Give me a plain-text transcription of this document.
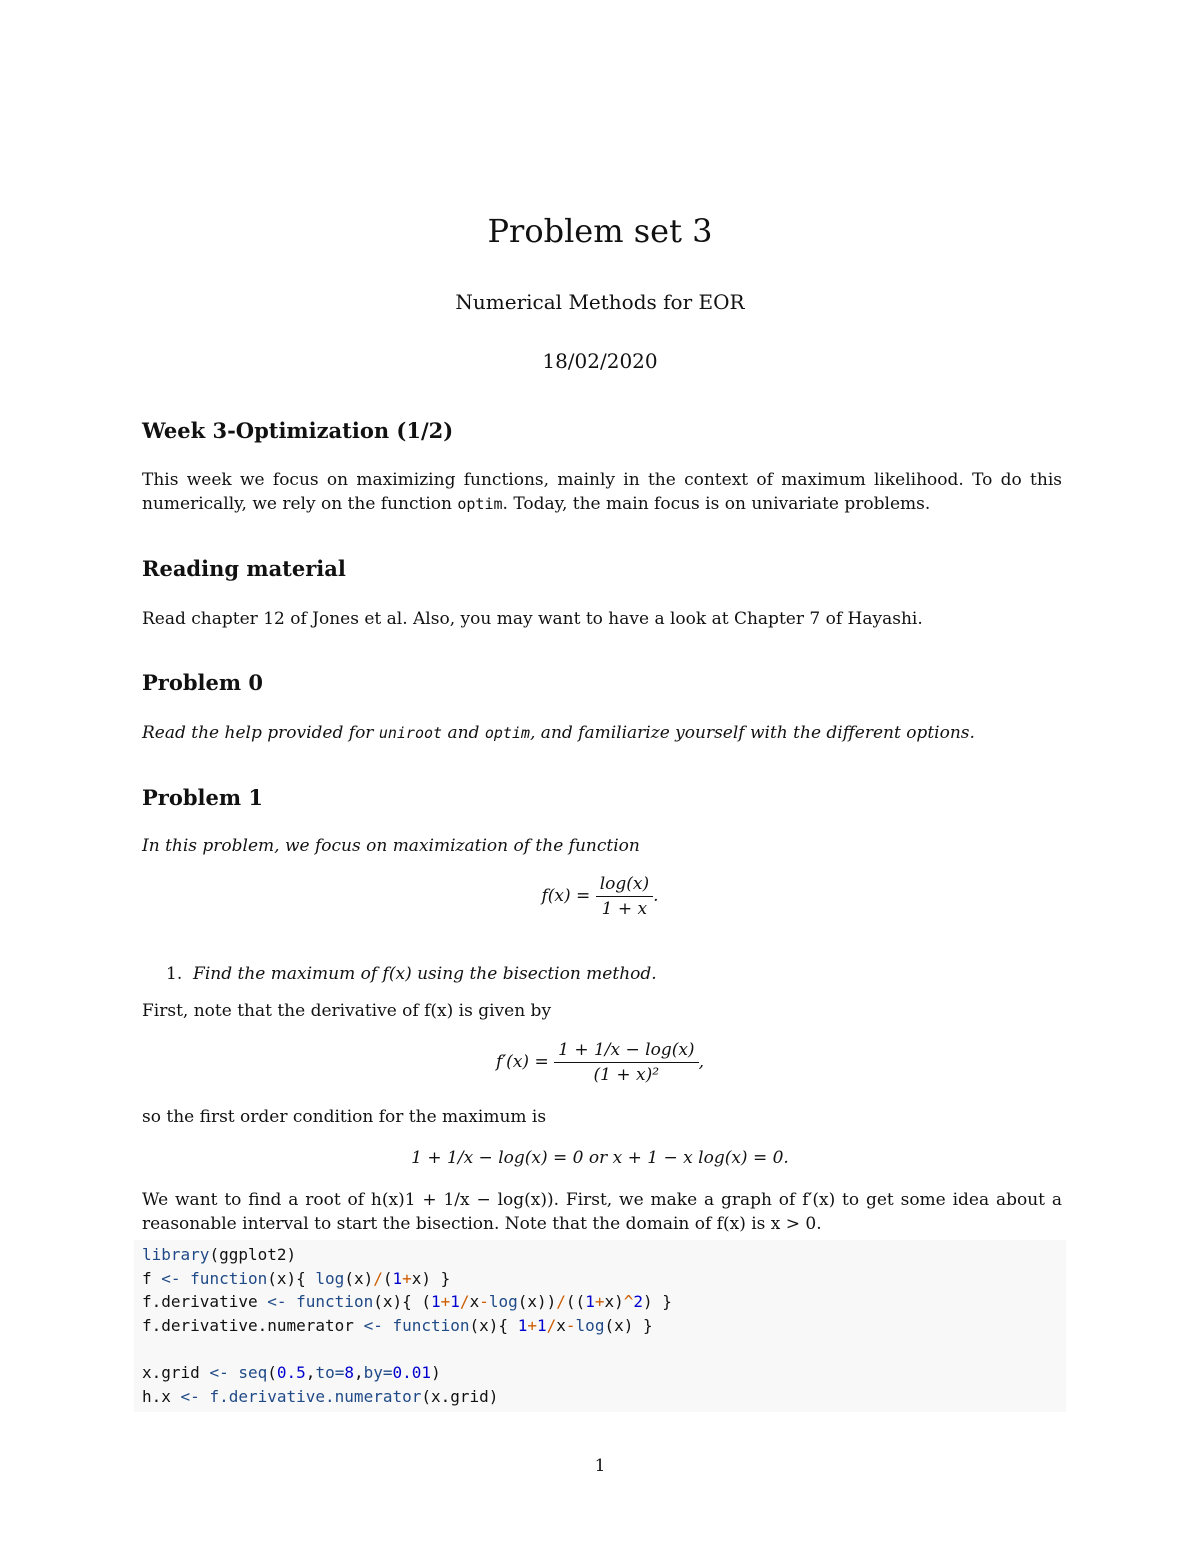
Problem set 3
Numerical Methods for EOR
18/02/2020
Week 3-Optimization (1/2)
This week we focus on maximizing functions, mainly in the context of maximum likelihood. To do this numerically, we rely on the function optim. Today, the main focus is on univariate problems.
Reading material
Read chapter 12 of Jones et al. Also, you may want to have a look at Chapter 7 of Hayashi.
Problem 0
Read the help provided for uniroot and optim, and familiarize yourself with the different options.
Problem 1
In this problem, we focus on maximization of the function
$f(x) = \frac{\log(x)}{1 + x}$ .
1. Find the maximum of f(x) using the bisection method.
First, note that the derivative of f(x) is given by
$f'(x) = \frac{1 + 1/x - \log(x)}{\text{(1 + x)²}}$ ,
so the first order condition for the maximum is
1 + 1/x − log(x) = 0 or x + 1 − x log(x) = 0.
We want to find a root of h(x)1 + 1/x − log(x)). First, we make a graph of f′(x) to get some idea about a reasonable interval to start the bisection. Note that the domain of f(x) is x > 0.
library(ggplot2)
f <- function(x){ log(x)/(1+x) }
f.derivative <- function(x){ (1+1/x-log(x))/((1+x)^2) }
f.derivative.numerator <- function(x){ 1+1/x-log(x) }

x.grid <- seq(0.5,to=8,by=0.01)
h.x <- f.derivative.numerator(x.grid)
1
